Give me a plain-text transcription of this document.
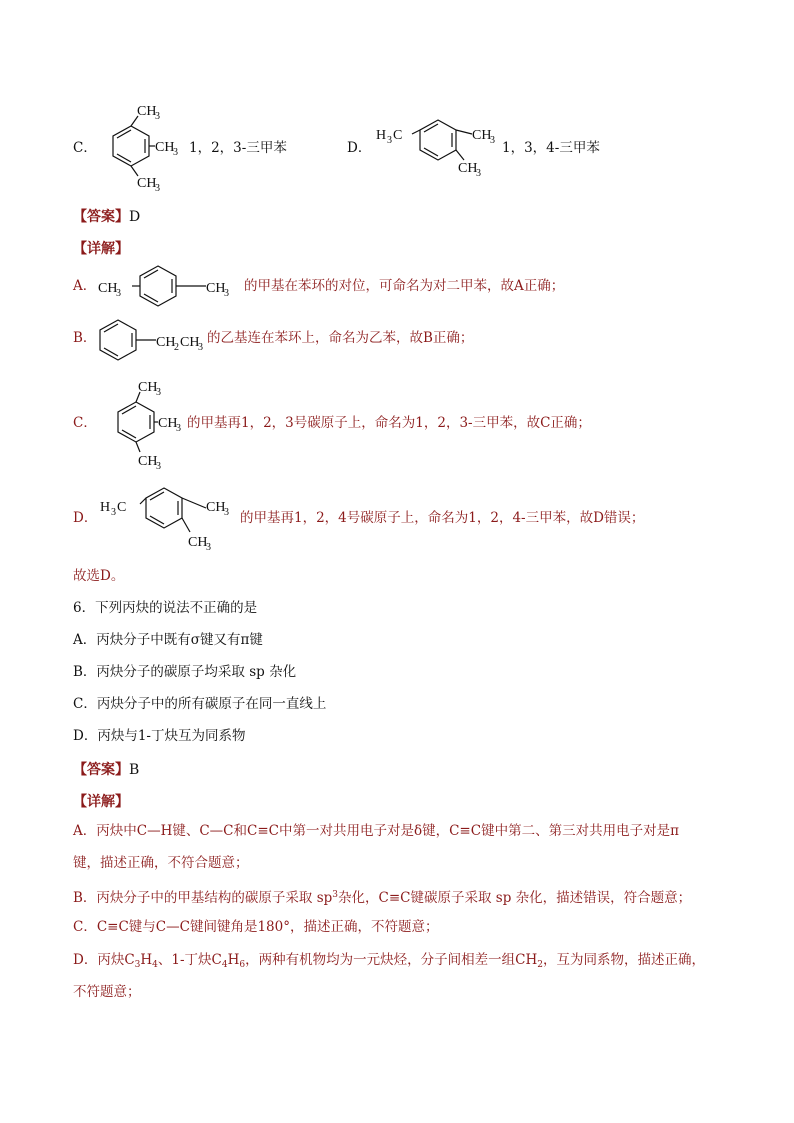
C．
CH
3
CH
3
CH
3
1，2，3-三甲苯	D．
H 3 C	CH
3
CH
3
1，3，4-三甲苯
【答案】D
【详解】
A． CH
3	CH
3 的甲基在苯环的对位，可命名为对二甲苯，故A正确；
B．	CH
2 CH
3
的乙基连在苯环上，命名为乙苯，故B正确；
C．
CH
3
CH
3
CH
3
的甲基再1，2，3号碳原子上，命名为1，2，3-三甲苯，故C正确；
D．
H 3 C	CH
3
CH
3
的甲基再1，2，4号碳原子上，命名为1，2，4-三甲苯，故D错误；
故选D。
6．下列丙炔的说法不正确的是
A．丙炔分子中既有σ键又有π键
B．丙炔分子的碳原子均采取 sp 杂化
C．丙炔分子中的所有碳原子在同一直线上
D．丙炔与1-丁炔互为同系物
【答案】B
【详解】
A．丙炔中C—H键、C—C和C≡C中第一对共用电子对是δ键，C≡C键中第二、第三对共用电子对是π
键，描述正确，不符合题意；
B．丙炔分子中的甲基结构的碳原子采取 $sp^3$杂化，C≡C键碳原子采取 sp 杂化，描述错误，符合题意；
C．C≡C键与C—C键间键角是180°，描述正确，不符题意；
D．丙炔$C_3H_4$、1-丁炔$C_4H_6$，两种有机物均为一元炔烃，分子间相差一组$CH_2$，互为同系物，描述正确，
不符题意；
